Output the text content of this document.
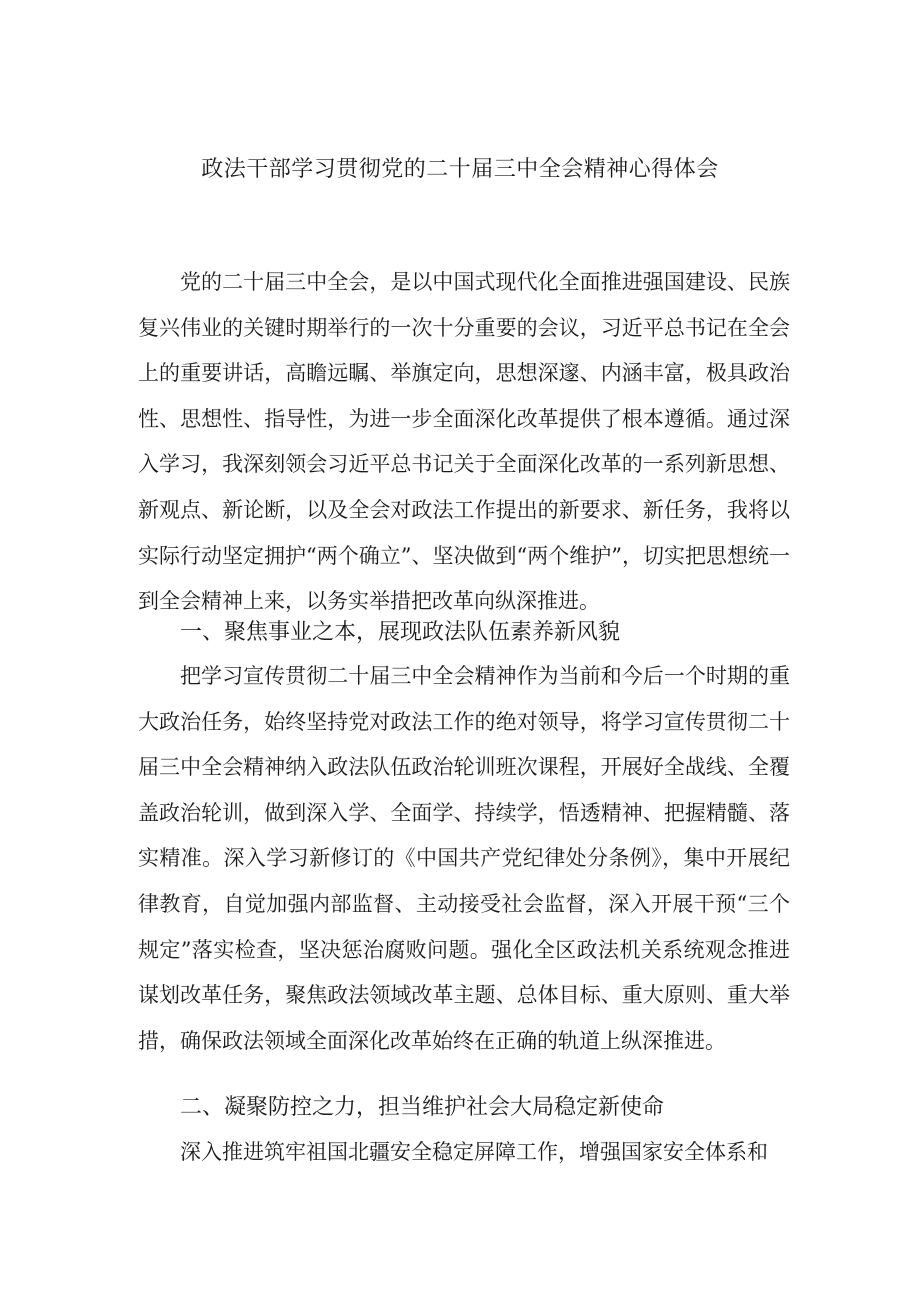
政法干部学习贯彻党的二十届三中全会精神心得体会

党的二十届三中全会，是以中国式现代化全面推进强国建设、民族复兴伟业的关键时期举行的一次十分重要的会议，习近平总书记在全会上的重要讲话，高瞻远瞩、举旗定向，思想深邃、内涵丰富，极具政治性、思想性、指导性，为进一步全面深化改革提供了根本遵循。通过深入学习，我深刻领会习近平总书记关于全面深化改革的一系列新思想、新观点、新论断，以及全会对政法工作提出的新要求、新任务，我将以实际行动坚定拥护“两个确立”、坚决做到“两个维护”，切实把思想统一到全会精神上来，以务实举措把改革向纵深推进。

一、聚焦事业之本，展现政法队伍素养新风貌

把学习宣传贯彻二十届三中全会精神作为当前和今后一个时期的重大政治任务，始终坚持党对政法工作的绝对领导，将学习宣传贯彻二十届三中全会精神纳入政法队伍政治轮训班次课程，开展好全战线、全覆盖政治轮训，做到深入学、全面学、持续学，悟透精神、把握精髓、落实精准。深入学习新修订的《中国共产党纪律处分条例》，集中开展纪律教育，自觉加强内部监督、主动接受社会监督，深入开展干预“三个规定”落实检查，坚决惩治腐败问题。强化全区政法机关系统观念推进谋划改革任务，聚焦政法领域改革主题、总体目标、重大原则、重大举措，确保政法领域全面深化改革始终在正确的轨道上纵深推进。

二、凝聚防控之力，担当维护社会大局稳定新使命

深入推进筑牢祖国北疆安全稳定屏障工作，增强国家安全体系和
